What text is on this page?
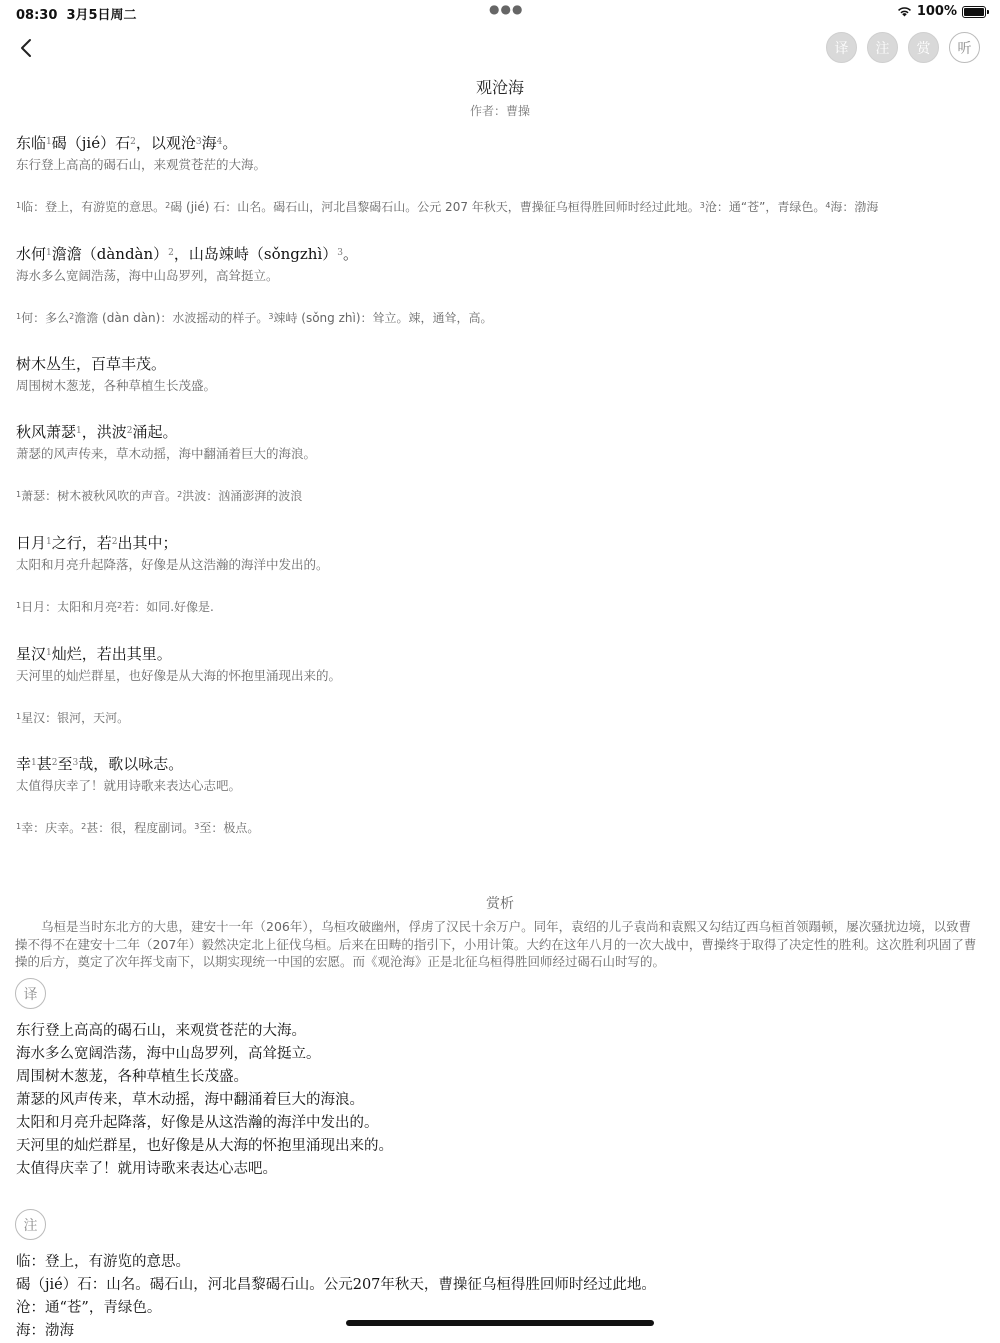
08:30 3月5日周二	●●●	100%
译	注	赏	听
观沧海
作者：曹操
东临$^1$碣（jié）石$^2$，以观沧$^3$海$^4$。
东行登上高高的碣石山，来观赏苍茫的大海。
$^1$临：登上，有游览的意思。$^2$碣 (jié) 石：山名。碣石山，河北昌黎碣石山。公元 207 年秋天，曹操征乌桓得胜回师时经过此地。$^3$沧：通“苍”，青绿色。$^4$海：渤海
水何$^1$澹澹（dàndàn）$^2$，山岛竦峙（sǒngzhì）$^3$。
海水多么宽阔浩荡，海中山岛罗列，高耸挺立。
$^1$何：多么$^2$澹澹 (dàn dàn)：水波摇动的样子。$^3$竦峙 (sǒng zhì)：耸立。竦，通耸，高。
树木丛生，百草丰茂。
周围树木葱茏，各种草植生长茂盛。
秋风萧瑟$^1$，洪波$^2$涌起。
萧瑟的风声传来，草木动摇，海中翻涌着巨大的海浪。
$^1$萧瑟：树木被秋风吹的声音。$^2$洪波：汹涌澎湃的波浪
日月$^1$之行，若$^2$出其中；
太阳和月亮升起降落，好像是从这浩瀚的海洋中发出的。
$^1$日月：太阳和月亮$^2$若：如同.好像是.
星汉$^1$灿烂，若出其里。
天河里的灿烂群星，也好像是从大海的怀抱里涌现出来的。
$^1$星汉：银河，天河。
幸$^1$甚$^2$至$^3$哉，歌以咏志。
太值得庆幸了！就用诗歌来表达心志吧。
$^1$幸：庆幸。$^2$甚：很，程度副词。$^3$至：极点。
赏析
乌桓是当时东北方的大患，建安十一年（206年），乌桓攻破幽州，俘虏了汉民十余万户。同年，袁绍的儿子袁尚和袁熙又勾结辽西乌桓首领蹋顿，屡次骚扰边境，以致曹操不得不在建安十二年（207年）毅然决定北上征伐乌桓。后来在田畴的指引下，小用计策。大约在这年八月的一次大战中，曹操终于取得了决定性的胜利。这次胜利巩固了曹操的后方，奠定了次年挥戈南下，以期实现统一中国的宏愿。而《观沧海》正是北征乌桓得胜回师经过碣石山时写的。
译
东行登上高高的碣石山，来观赏苍茫的大海。
海水多么宽阔浩荡，海中山岛罗列，高耸挺立。
周围树木葱茏，各种草植生长茂盛。
萧瑟的风声传来，草木动摇，海中翻涌着巨大的海浪。
太阳和月亮升起降落，好像是从这浩瀚的海洋中发出的。
天河里的灿烂群星，也好像是从大海的怀抱里涌现出来的。
太值得庆幸了！就用诗歌来表达心志吧。
注
临：登上，有游览的意思。
碣（jié）石：山名。碣石山，河北昌黎碣石山。公元207年秋天，曹操征乌桓得胜回师时经过此地。
沧：通“苍”，青绿色。
海：渤海
